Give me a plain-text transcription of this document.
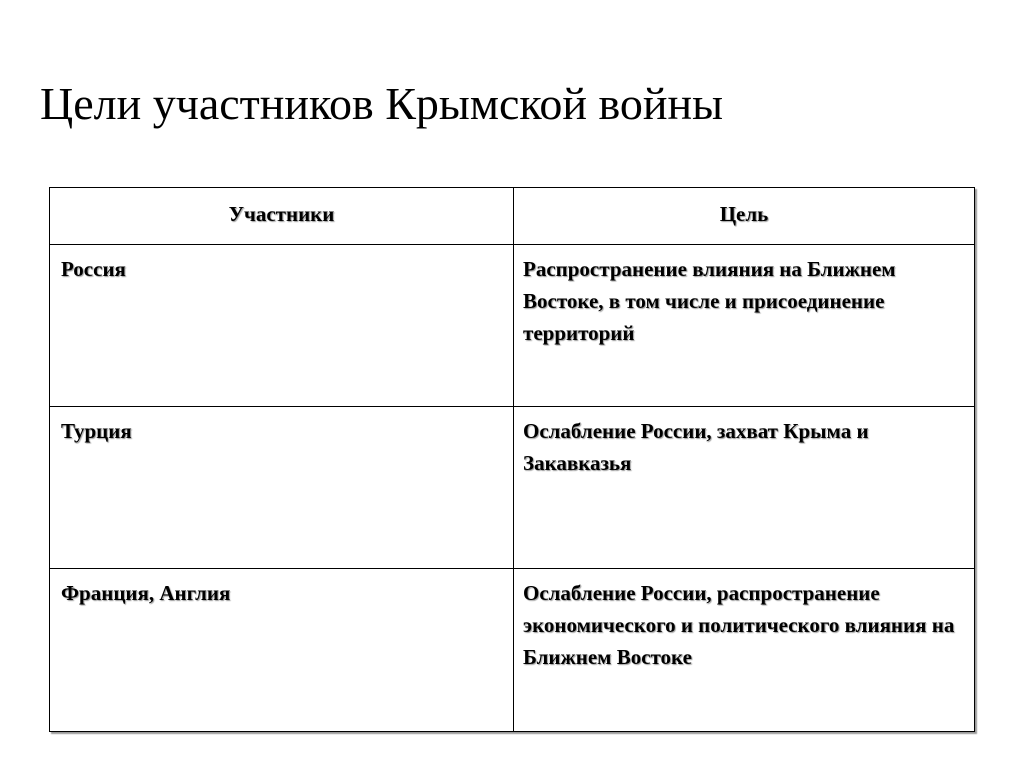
Цели участников Крымской войны
Участники	Цель
Россия	Распространение влияния на Ближнем Востоке, в том числе и присоединение территорий
Турция	Ослабление России, захват Крыма и Закавказья
Франция, Англия	Ослабление России, распространение экономического и политического влияния на Ближнем Востоке
